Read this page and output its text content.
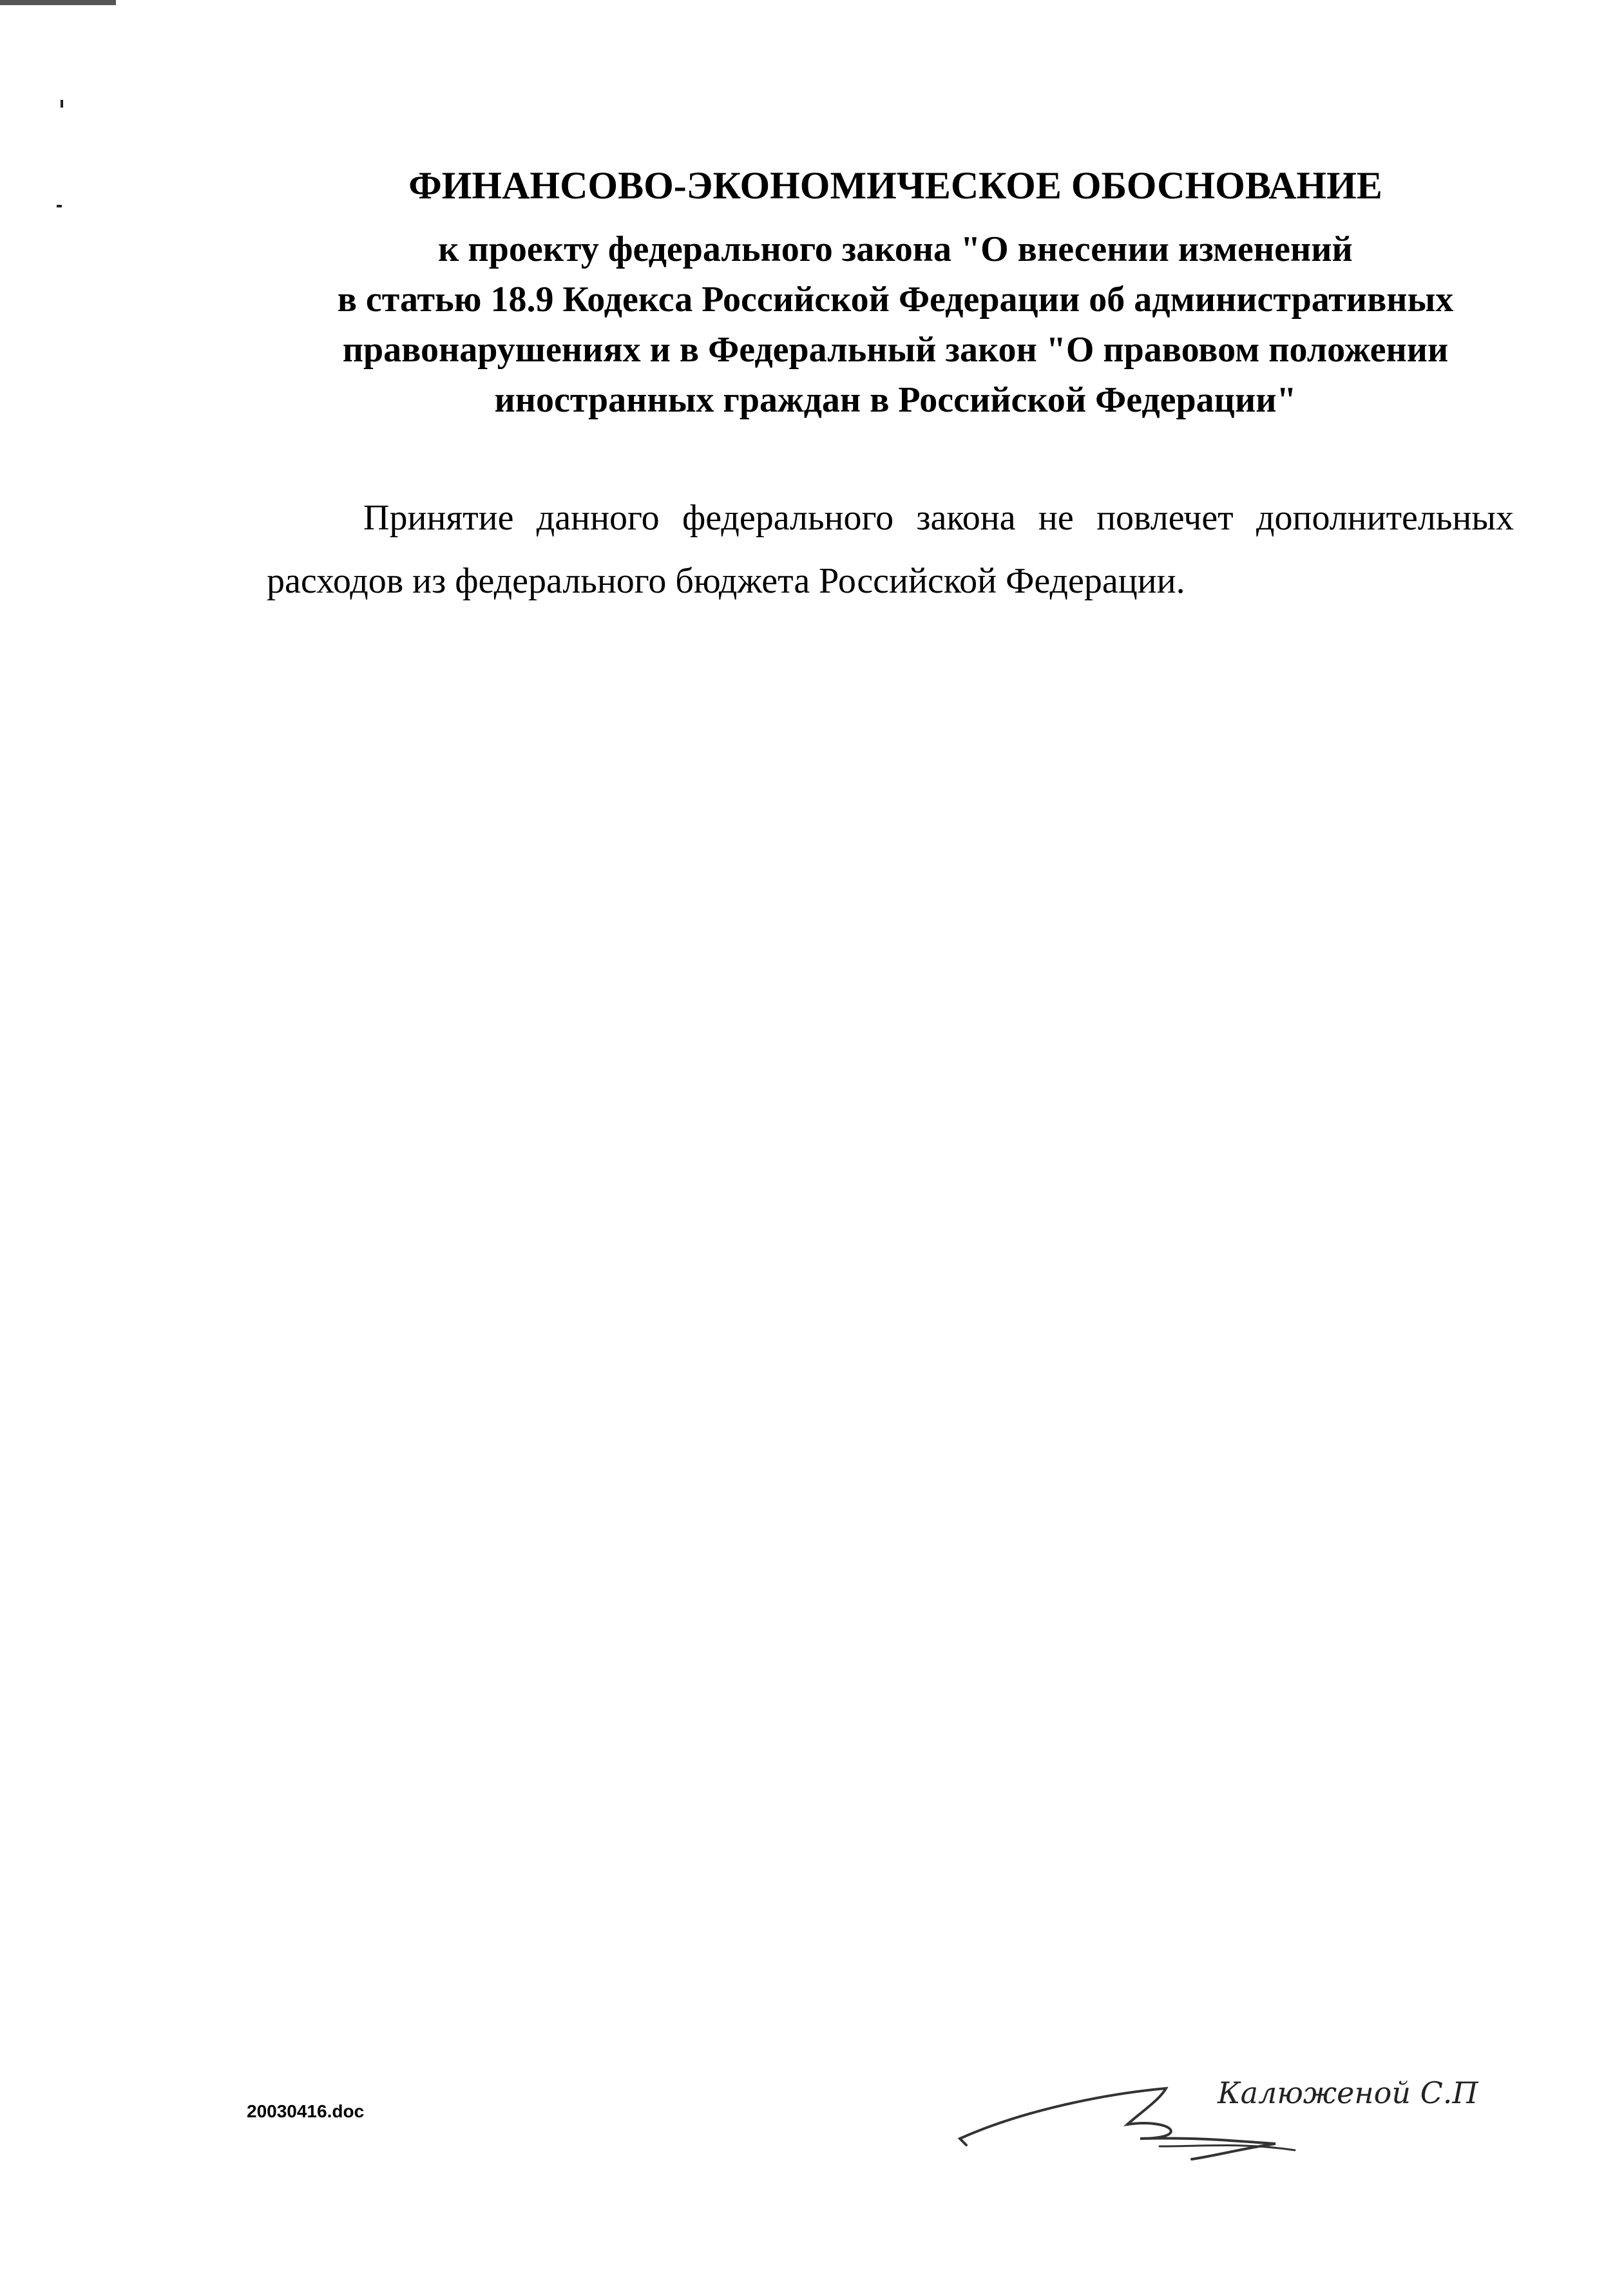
ФИНАНСОВО-ЭКОНОМИЧЕСКОЕ ОБОСНОВАНИЕ
к проекту федерального закона "О внесении изменений
в статью 18.9 Кодекса Российской Федерации об административных
правонарушениях и в Федеральный закон "О правовом положении
иностранных граждан в Российской Федерации"
Принятие данного федерального закона не повлечет дополнительных
расходов из федерального бюджета Российской Федерации.
20030416.doc
Калюженой С.П
